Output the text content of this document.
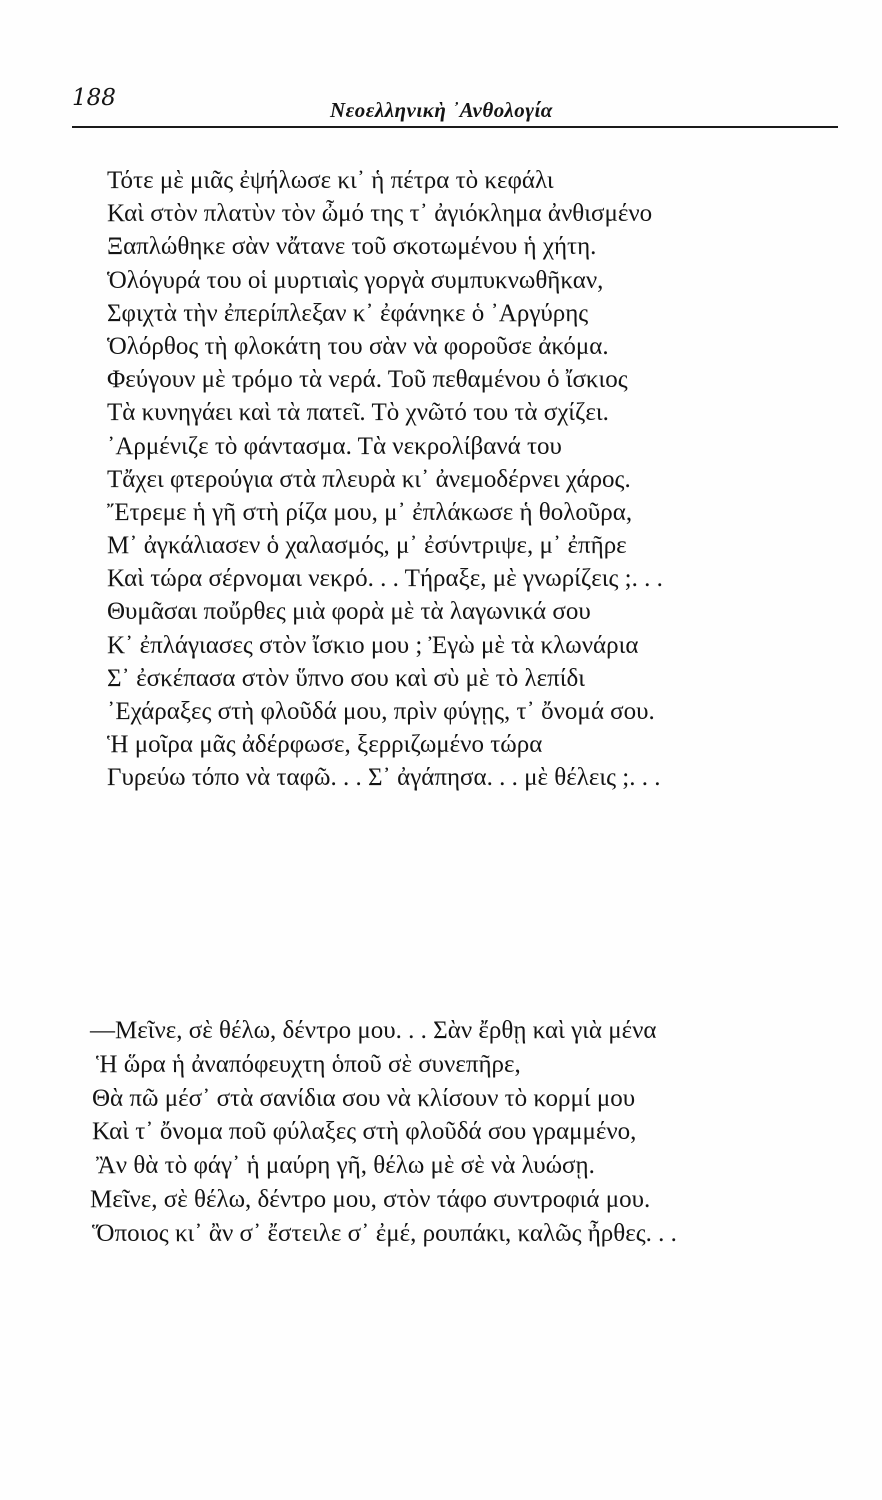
188	Νεοελληνικὴ ᾿Ανθολογία
Τότε μὲ μιᾶς ἐψήλωσε κι᾿ ἡ πέτρα τὸ κεφάλι
Καὶ στὸν πλατὺν τὸν ὦμό της τ᾿ ἀγιόκλημα ἀνθισμένο
Ξαπλώθηκε σὰν νἄτανε τοῦ σκοτωμένου ἡ χήτη.
Ὁλόγυρά του οἱ μυρτιαὶς γοργὰ συμπυκνωθῆκαν,
Σφιχτὰ τὴν ἐπερίπλεξαν κ᾿ ἐφάνηκε ὁ ᾿Αργύρης
Ὁλόρθος τὴ φλοκάτη του σὰν νὰ φοροῦσε ἀκόμα.
Φεύγουν μὲ τρόμο τὰ νερά. Τοῦ πεθαμένου ὁ ἴσκιος
Τὰ κυνηγάει καὶ τὰ πατεῖ. Τὸ χνῶτό του τὰ σχίζει.
᾿Αρμένιζε τὸ φάντασμα. Τὰ νεκρολίβανά του
Τἄχει φτερούγια στὰ πλευρὰ κι᾿ ἀνεμοδέρνει χάρος.
Ἔτρεμε ἡ γῆ στὴ ρίζα μου, μ᾿ ἐπλάκωσε ἡ θολοῦρα,
Μ᾿ ἀγκάλιασεν ὁ χαλασμός, μ᾿ ἐσύντριψε, μ᾿ ἐπῆρε
Καὶ τώρα σέρνομαι νεκρό. . . Τήραξε, μὲ γνωρίζεις ;. . .
Θυμᾶσαι ποὔρθες μιὰ φορὰ μὲ τὰ λαγωνικά σου
Κ᾿ ἐπλάγιασες στὸν ἴσκιο μου ; Ἐγὼ μὲ τὰ κλωνάρια
Σ᾿ ἐσκέπασα στὸν ὕπνο σου καὶ σὺ μὲ τὸ λεπίδι
᾿Εχάραξες στὴ φλοῦδά μου, πρὶν φύγῃς, τ᾿ ὄνομά σου.
Ἡ μοῖρα μᾶς ἀδέρφωσε, ξερριζωμένο τώρα
Γυρεύω τόπο νὰ ταφῶ. . . Σ᾿ ἀγάπησα. . . μὲ θέλεις ;. . .
—Μεῖνε, σὲ θέλω, δέντρο μου. . . Σὰν ἔρθῃ καὶ γιὰ μένα
Ἡ ὥρα ἡ ἀναπόφευχτη ὁποῦ σὲ συνεπῆρε,
Θὰ πῶ μέσ᾿ στὰ σανίδια σου νὰ κλίσουν τὸ κορμί μου
Καὶ τ᾿ ὄνομα ποῦ φύλαξες στὴ φλοῦδά σου γραμμένο,
Ἂν θὰ τὸ φάγ᾿ ἡ μαύρη γῆ, θέλω μὲ σὲ νὰ λυώσῃ.
Μεῖνε, σὲ θέλω, δέντρο μου, στὸν τάφο συντροφιά μου.
Ὅποιος κι᾿ ἂν σ᾿ ἔστειλε σ᾿ ἐμέ, ρουπάκι, καλῶς ἦρθες. . .
